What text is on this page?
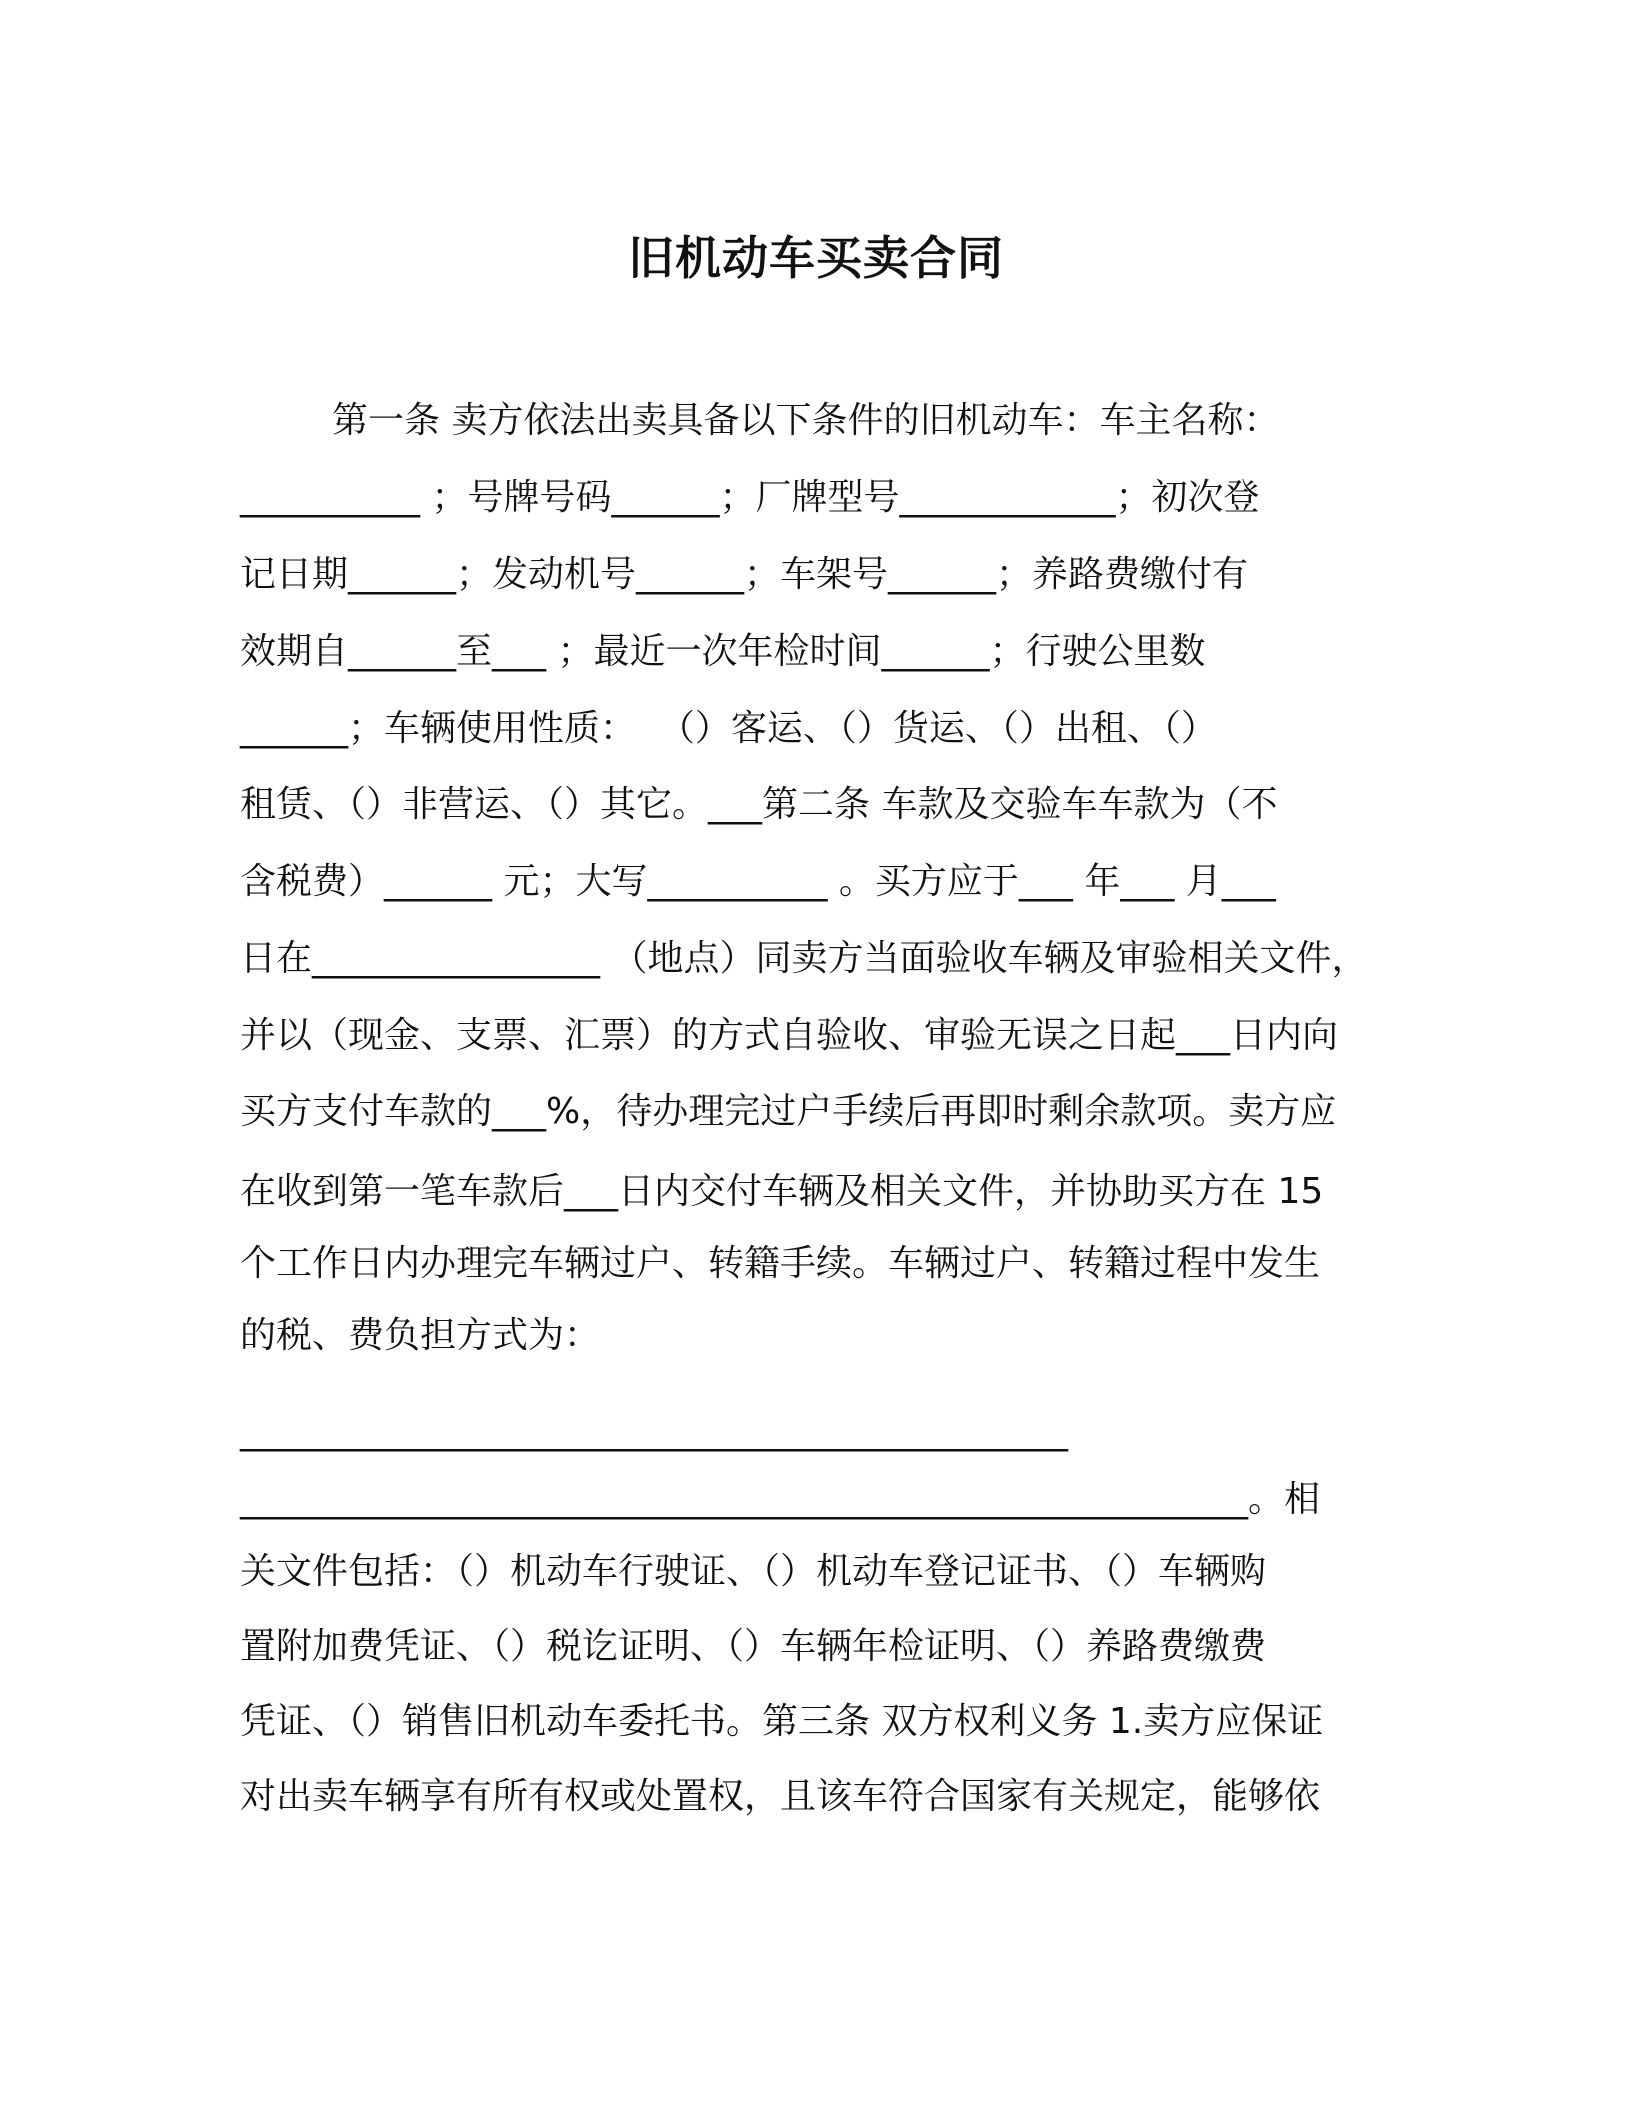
旧机动车买卖合同

第一条 卖方依法出卖具备以下条件的旧机动车：车主名称：

__________ ；号牌号码______；厂牌型号____________；初次登

记日期______；发动机号______；车架号______；养路费缴付有

效期自______至___ ；最近一次年检时间______；行驶公里数

______；车辆使用性质：  （）客运、（）货运、（）出租、（）

租赁、（）非营运、（）其它。___第二条 车款及交验车车款为（不

含税费）______ 元；大写__________ 。买方应于___ 年___ 月___

日在________________ （地点）同卖方当面验收车辆及审验相关文件，

并以（现金、支票、汇票）的方式自验收、审验无误之日起___日内向

买方支付车款的___%，待办理完过户手续后再即时剩余款项。卖方应

在收到第一笔车款后___日内交付车辆及相关文件，并协助买方在 15

个工作日内办理完车辆过户、转籍手续。车辆过户、转籍过程中发生

的税、费负担方式为：

______________________________________________

________________________________________________________。相

关文件包括：（）机动车行驶证、（）机动车登记证书、（）车辆购

置附加费凭证、（）税讫证明、（）车辆年检证明、（）养路费缴费

凭证、（）销售旧机动车委托书。第三条 双方权利义务 1.卖方应保证

对出卖车辆享有所有权或处置权，且该车符合国家有关规定，能够依
